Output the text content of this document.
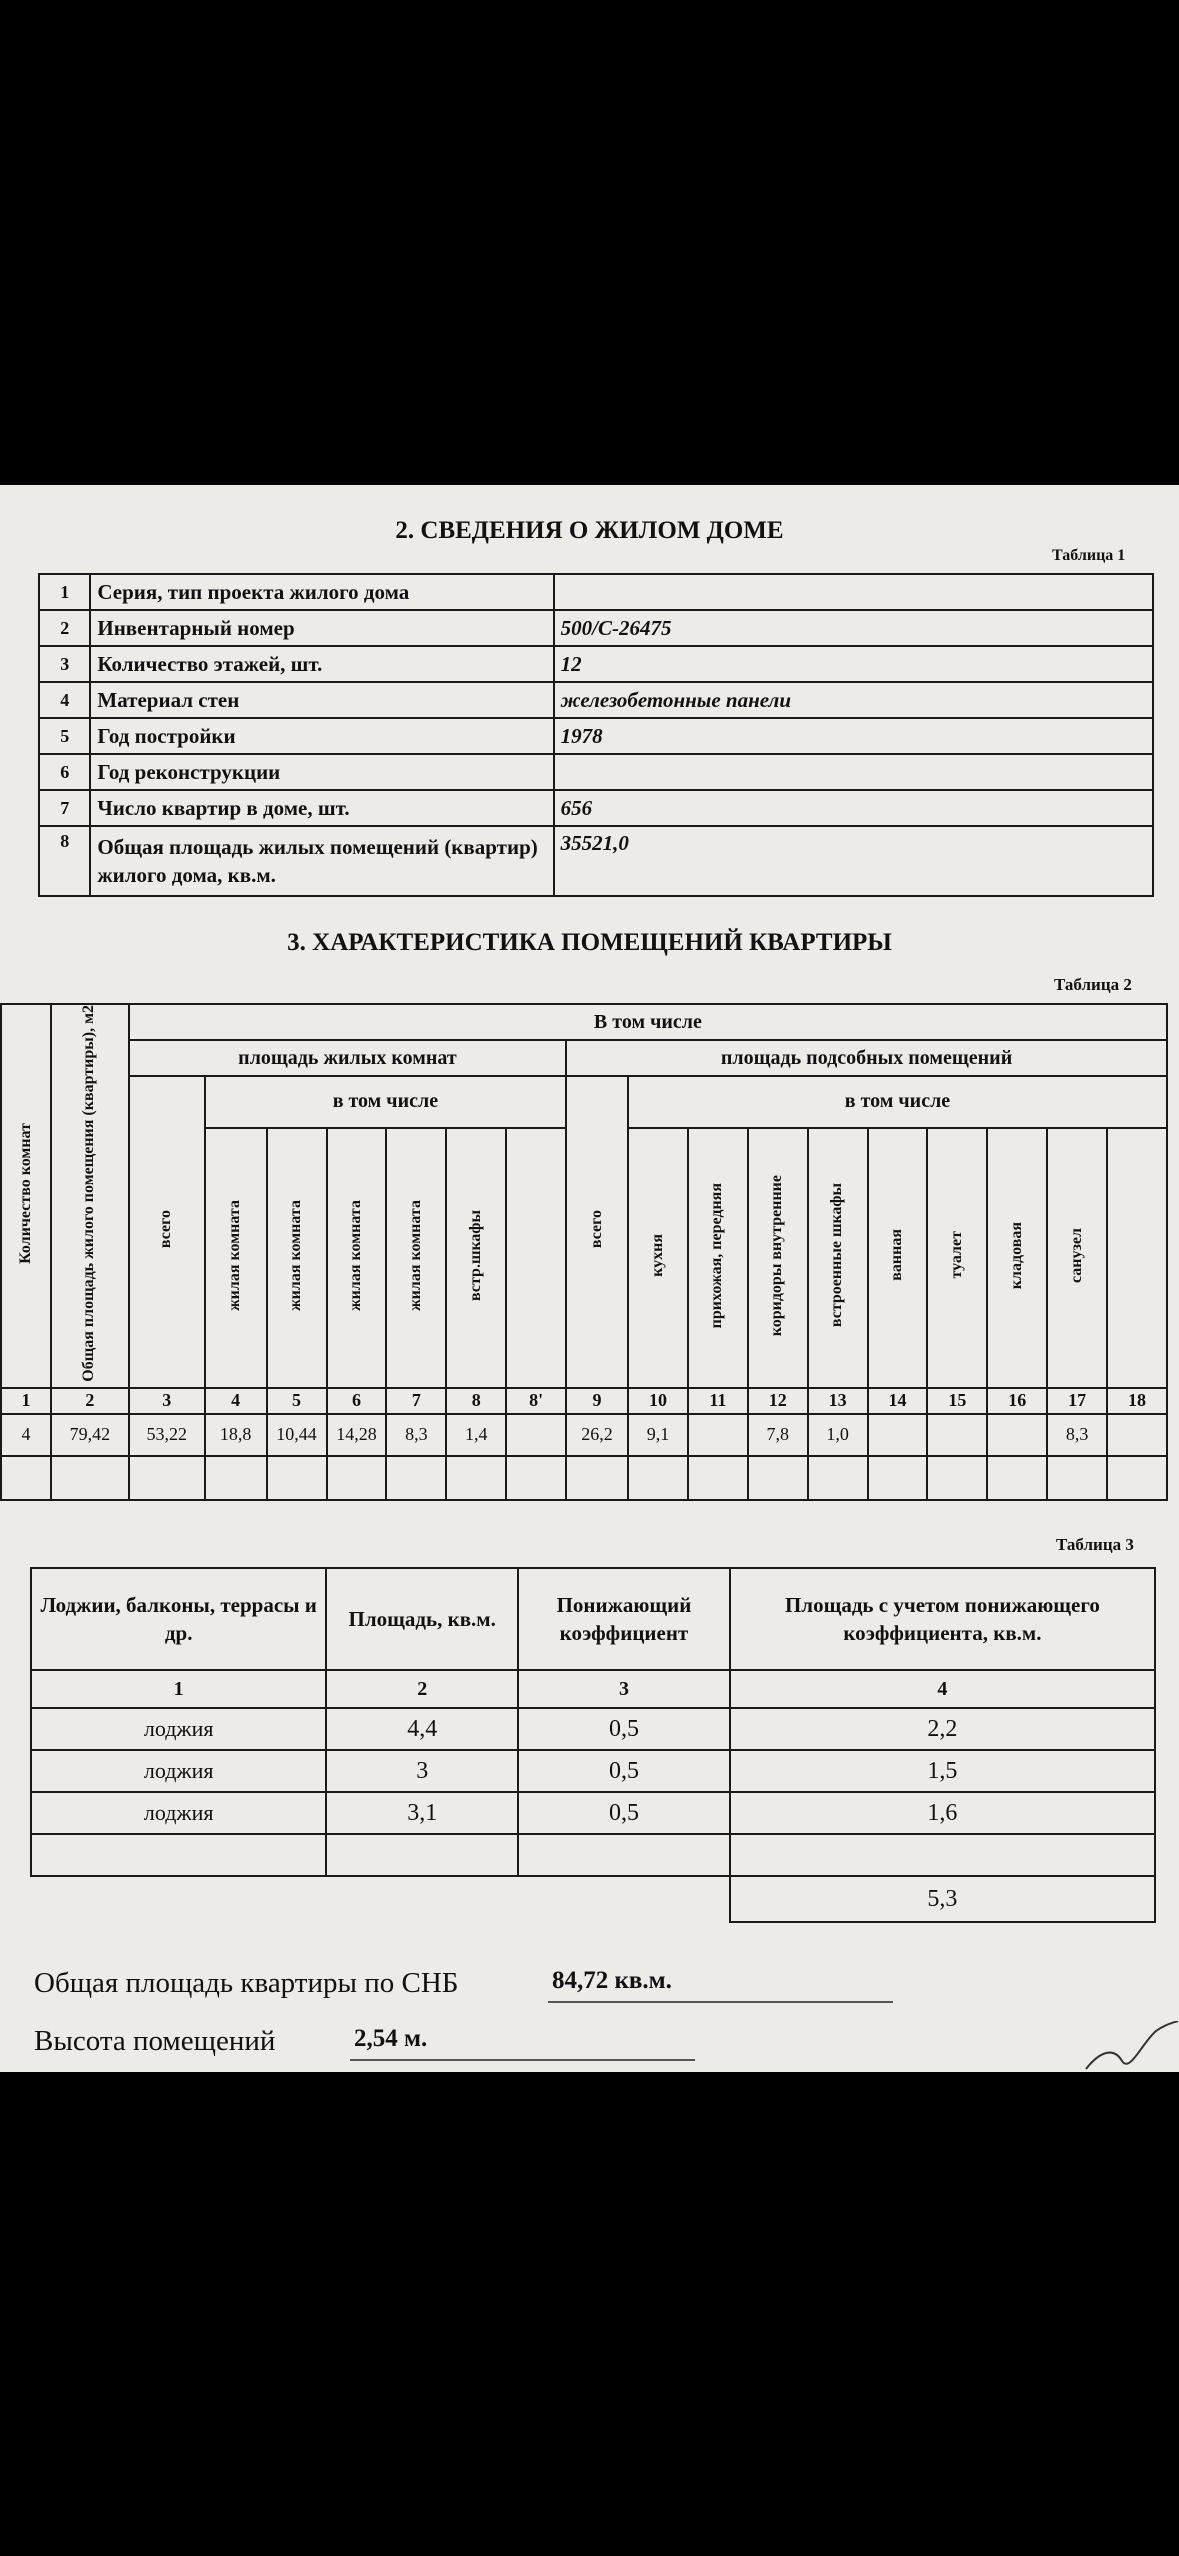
2. СВЕДЕНИЯ О ЖИЛОМ ДОМЕ
Таблица 1
1	Серия, тип проекта жилого дома	
2	Инвентарный номер	500/С-26475
3	Количество этажей, шт.	12
4	Материал стен	железобетонные панели
5	Год постройки	1978
6	Год реконструкции	
7	Число квартир в доме, шт.	656
8	Общая площадь жилых помещений (квартир) жилого дома, кв.м.	35521,0
3. ХАРАКТЕРИСТИКА ПОМЕЩЕНИЙ КВАРТИРЫ
Таблица 2
Количество комнат	Общая площадь жилого помещения (квартиры), м2	В том числе																
		площадь жилых комнат							площадь подсобных помещений									
		всего	в том числе						всего	в том числе								
			жилая комната	жилая комната	жилая комната	жилая комната	встр.шкафы			кухня	прихожая, передняя	коридоры внутренние	встроенные шкафы	ванная	туалет	кладовая	санузел	
1	2	3	4	5	6	7	8	8'	9	10	11	12	13	14	15	16	17	18
4	79,42	53,22	18,8	10,44	14,28	8,3	1,4		26,2	9,1		7,8	1,0				8,3	

Таблица 3
Лоджии, балконы, террасы и др.	Площадь, кв.м.	Понижающий коэффициент	Площадь с учетом понижающего коэффициента, кв.м.
1	2	3	4
лоджия	4,4	0,5	2,2
лоджия	3	0,5	1,5
лоджия	3,1	0,5	1,6

			5,3
Общая площадь квартиры по СНБ	84,72 кв.м.
Высота помещений	2,54 м.
